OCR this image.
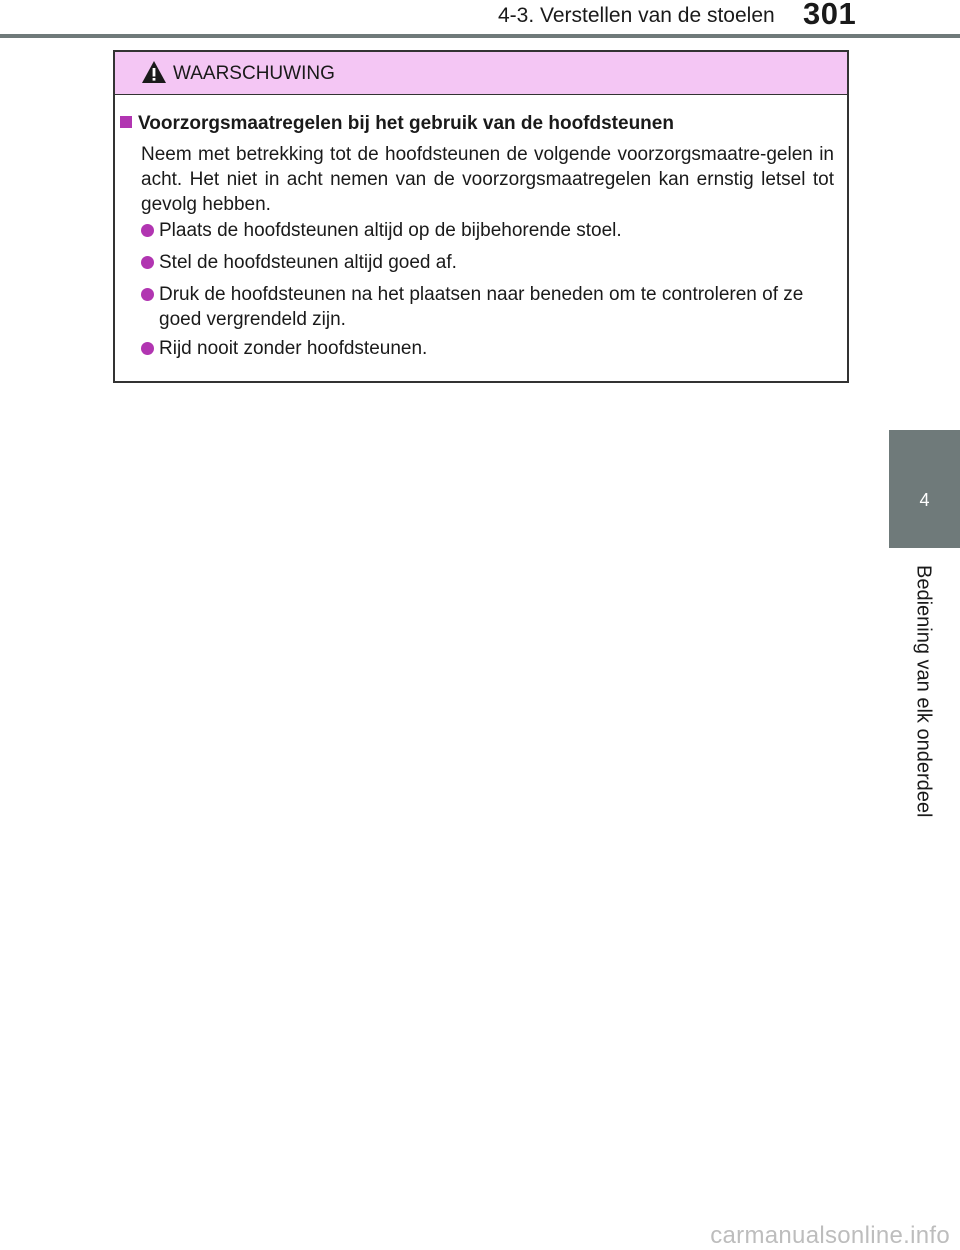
4-3. Verstellen van de stoelen 301
4
Bediening van elk onderdeel
WAARSCHUWING
Voorzorgsmaatregelen bij het gebruik van de hoofdsteunen
Neem met betrekking tot de hoofdsteunen de volgende voorzorgsmaatre-gelen in acht. Het niet in acht nemen van de voorzorgsmaatregelen kan ernstig letsel tot gevolg hebben.
Plaats de hoofdsteunen altijd op de bijbehorende stoel.
Stel de hoofdsteunen altijd goed af.
Druk de hoofdsteunen na het plaatsen naar beneden om te controleren of ze goed vergrendeld zijn.
Rijd nooit zonder hoofdsteunen.
carmanualsonline.info
